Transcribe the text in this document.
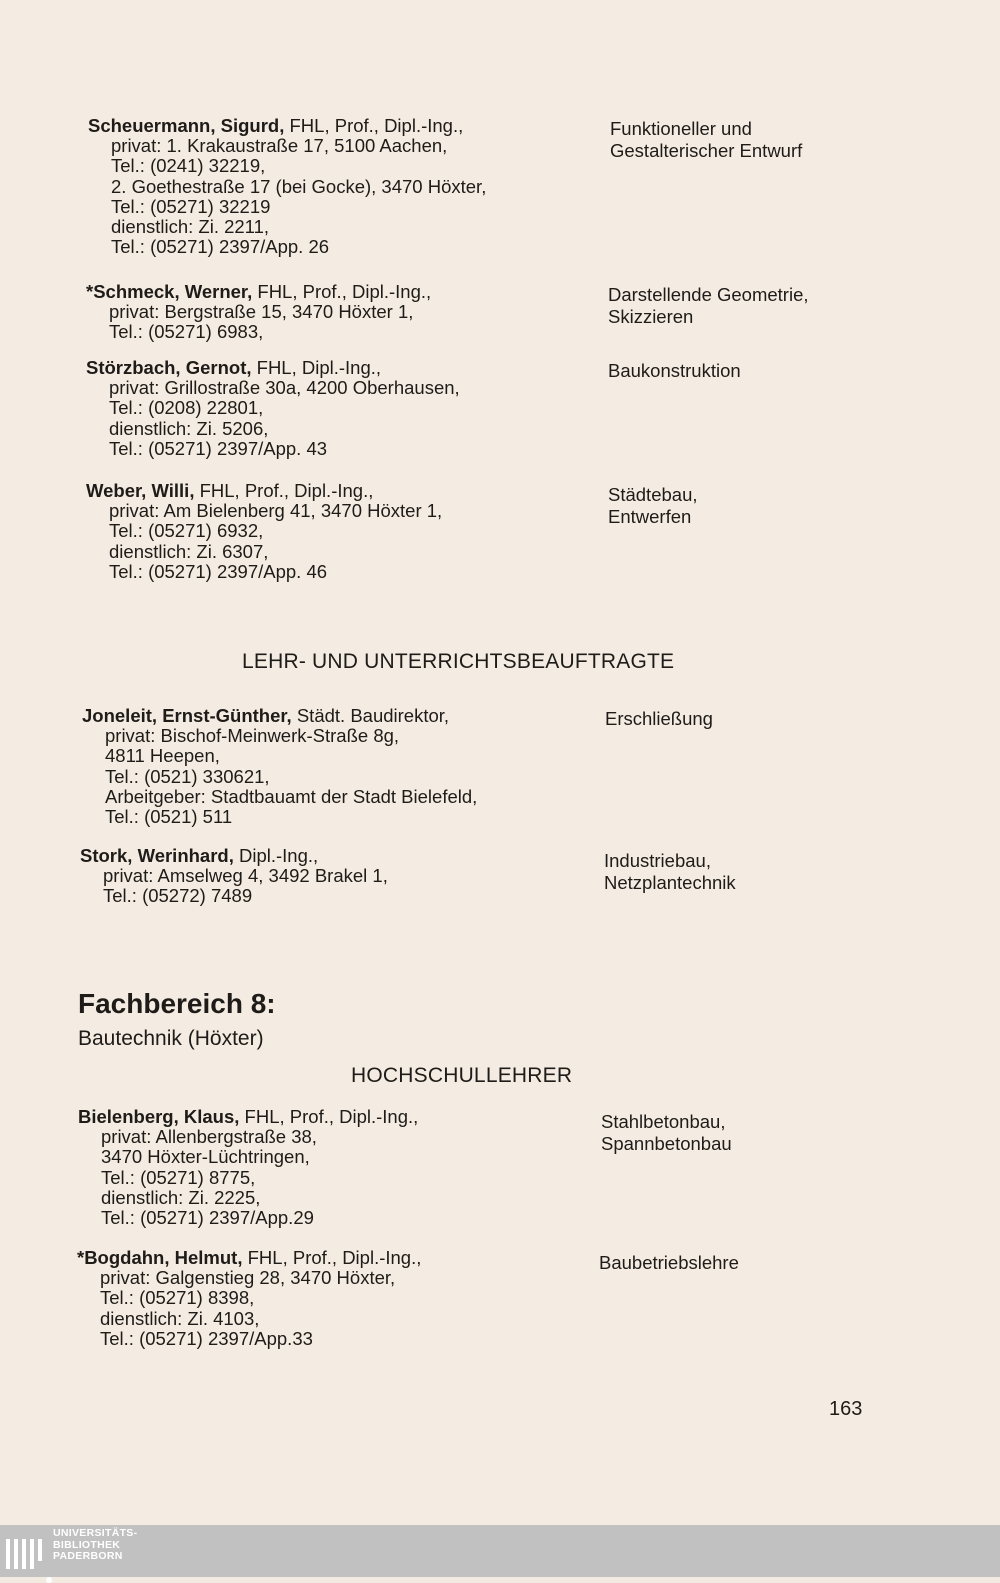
Scheuermann, Sigurd, FHL, Prof., Dipl.-Ing.,
privat: 1. Krakaustraße 17, 5100 Aachen,
Tel.: (0241) 32219,
2. Goethestraße 17 (bei Gocke), 3470 Höxter,
Tel.: (05271) 32219
dienstlich: Zi. 2211,
Tel.: (05271) 2397/App. 26
Funktioneller und
Gestalterischer Entwurf
*Schmeck, Werner, FHL, Prof., Dipl.-Ing.,
privat: Bergstraße 15, 3470 Höxter 1,
Tel.: (05271) 6983,
Darstellende Geometrie,
Skizzieren
Störzbach, Gernot, FHL, Dipl.-Ing.,
privat: Grillostraße 30a, 4200 Oberhausen,
Tel.: (0208) 22801,
dienstlich: Zi. 5206,
Tel.: (05271) 2397/App. 43
Baukonstruktion
Weber, Willi, FHL, Prof., Dipl.-Ing.,
privat: Am Bielenberg 41, 3470 Höxter 1,
Tel.: (05271) 6932,
dienstlich: Zi. 6307,
Tel.: (05271) 2397/App. 46
Städtebau,
Entwerfen
LEHR- UND UNTERRICHTSBEAUFTRAGTE
Joneleit, Ernst-Günther, Städt. Baudirektor,
privat: Bischof-Meinwerk-Straße 8g,
4811 Heepen,
Tel.: (0521) 330621,
Arbeitgeber: Stadtbauamt der Stadt Bielefeld,
Tel.: (0521) 511
Erschließung
Stork, Werinhard, Dipl.-Ing.,
privat: Amselweg 4, 3492 Brakel 1,
Tel.: (05272) 7489
Industriebau,
Netzplantechnik
Fachbereich 8:
Bautechnik (Höxter)
HOCHSCHULLEHRER
Bielenberg, Klaus, FHL, Prof., Dipl.-Ing.,
privat: Allenbergstraße 38,
3470 Höxter-Lüchtringen,
Tel.: (05271) 8775,
dienstlich: Zi. 2225,
Tel.: (05271) 2397/App.29
Stahlbetonbau,
Spannbetonbau
*Bogdahn, Helmut, FHL, Prof., Dipl.-Ing.,
privat: Galgenstieg 28, 3470 Höxter,
Tel.: (05271) 8398,
dienstlich: Zi. 4103,
Tel.: (05271) 2397/App.33
Baubetriebslehre
163
UNIVERSITÄTS-
BIBLIOTHEK
PADERBORN
